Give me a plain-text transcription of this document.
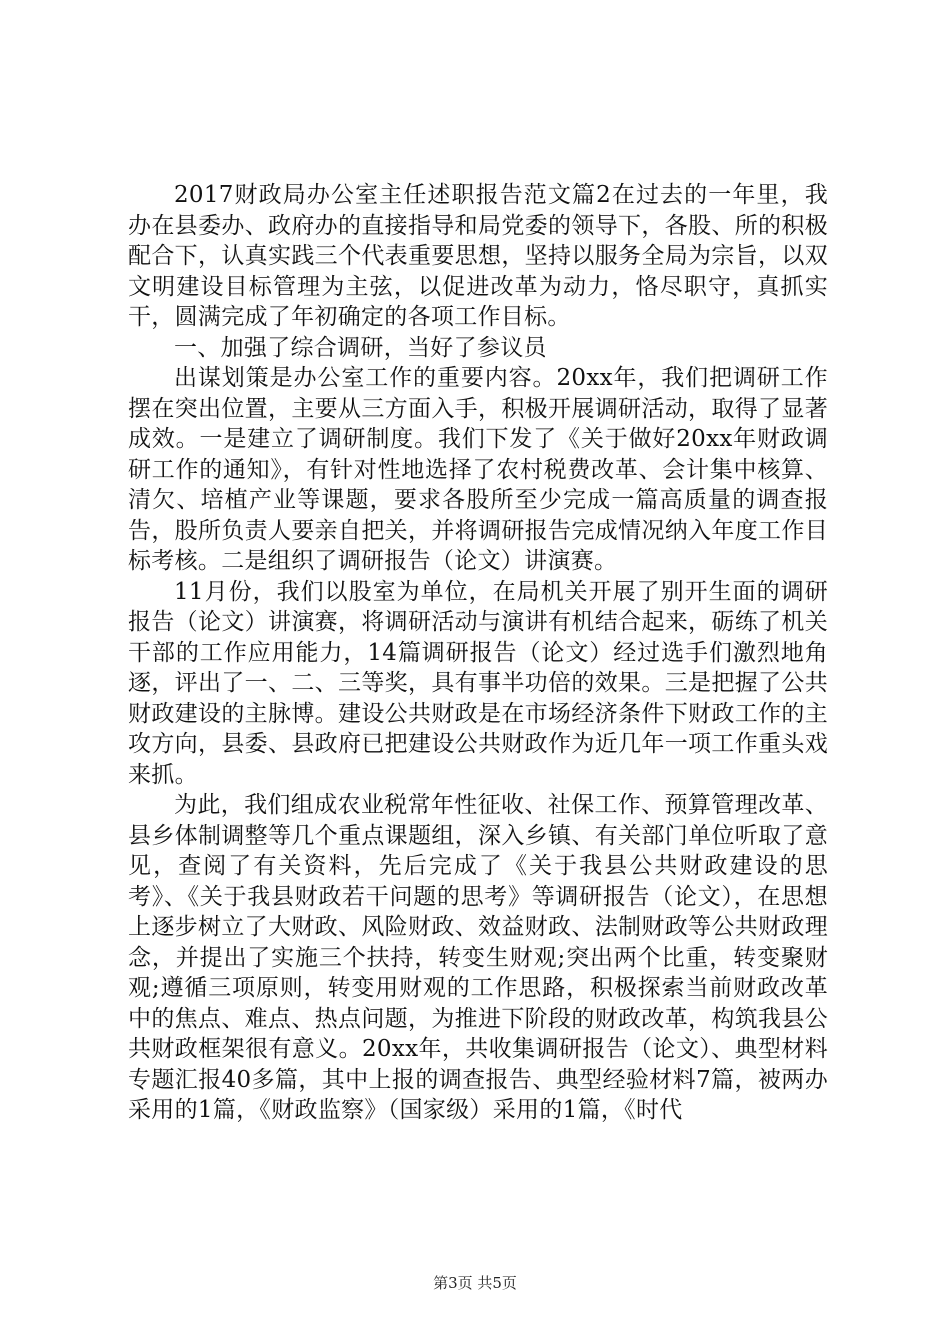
2017财政局办公室主任述职报告范文篇2在过去的一年里，我办在县委办、政府办的直接指导和局党委的领导下，各股、所的积极配合下，认真实践三个代表重要思想，坚持以服务全局为宗旨，以双文明建设目标管理为主弦，以促进改革为动力，恪尽职守，真抓实干，圆满完成了年初确定的各项工作目标。

一、加强了综合调研，当好了参议员

出谋划策是办公室工作的重要内容。20xx年，我们把调研工作摆在突出位置，主要从三方面入手，积极开展调研活动，取得了显著成效。一是建立了调研制度。我们下发了《关于做好20xx年财政调研工作的通知》，有针对性地选择了农村税费改革、会计集中核算、清欠、培植产业等课题，要求各股所至少完成一篇高质量的调查报告，股所负责人要亲自把关，并将调研报告完成情况纳入年度工作目标考核。二是组织了调研报告（论文）讲演赛。

11月份，我们以股室为单位，在局机关开展了别开生面的调研报告（论文）讲演赛，将调研活动与演讲有机结合起来，砺练了机关干部的工作应用能力，14篇调研报告（论文）经过选手们激烈地角逐，评出了一、二、三等奖，具有事半功倍的效果。三是把握了公共财政建设的主脉博。建设公共财政是在市场经济条件下财政工作的主攻方向，县委、县政府已把建设公共财政作为近几年一项工作重头戏来抓。

为此，我们组成农业税常年性征收、社保工作、预算管理改革、县乡体制调整等几个重点课题组，深入乡镇、有关部门单位听取了意见，查阅了有关资料，先后完成了《关于我县公共财政建设的思考》、《关于我县财政若干问题的思考》等调研报告（论文），在思想上逐步树立了大财政、风险财政、效益财政、法制财政等公共财政理念，并提出了实施三个扶持，转变生财观;突出两个比重，转变聚财观;遵循三项原则，转变用财观的工作思路，积极探索当前财政改革中的焦点、难点、热点问题，为推进下阶段的财政改革，构筑我县公共财政框架很有意义。20xx年，共收集调研报告（论文）、典型材料专题汇报40多篇，其中上报的调查报告、典型经验材料7篇，被两办采用的1篇，《财政监察》（国家级）采用的1篇，《时代

第3页 共5页
